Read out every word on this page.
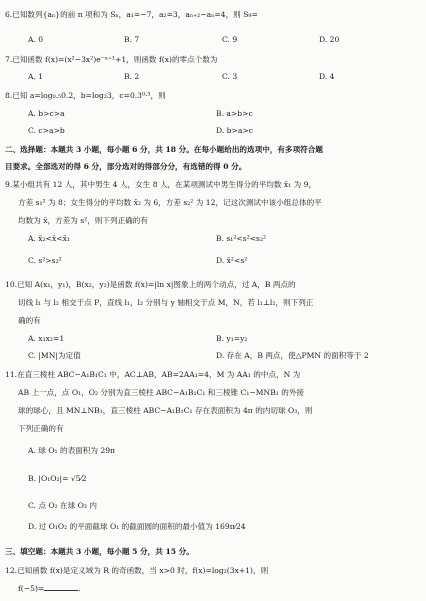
6.已知数列{aₙ}的前 n 项和为 Sₙ，a₁=−7，a₂=3，aₙ₊₂−aₙ=4，则 S₉=
A. 0	B. 7	C. 9	D. 20
7.已知函数 f(x)=(x²−3x²)e⁻ˣ⁺¹+1，则函数 f(x)的零点个数为
A. 1	B. 2	C. 3	D. 4
8.已知 a=log₀.₅0.2，b=log₂3，c=0.3⁰·³，则
A. b>c>a	B. a>b>c
C. c>a>b	D. b>a>c
二、选择题：本题共 3 小题，每小题 6 分，共 18 分。在每小题给出的选项中，有多项符合题
目要求。全部选对的得 6 分，部分选对的得部分分，有选错的得 0 分。
9.某小组共有 12 人，其中男生 4 人，女生 8 人，在某项测试中男生得分的平均数 x̄₁ 为 9，
方差 s₁² 为 8；女生得分的平均数 x̄₂ 为 6，方差 s₂² 为 12，记这次测试中该小组总体的平
均数为 x̄，方差为 s²，则下列正确的有
A. x̄₂<x̄<x̄₁	B. s₁²<s²<s₂²
C. s²>s₂²	D. x̄²<s²
10.已知 A(x₁，y₁)，B(x₂，y₂)是函数 f(x)=|ln x|图象上的两个动点，过 A，B 两点的
切线 l₁ 与 l₂ 相交于点 P，直线 l₁，l₂ 分别与 y 轴相交于点 M，N，若 l₁⊥l₂，则下列正
确的有
A. x₁x₂=1	B. y₁=y₂
C. |MN|为定值	D. 存在 A，B 两点，使△PMN 的面积等于 2
11.在直三棱柱 ABC−A₁B₁C₁ 中，AC⊥AB，AB=2AA₁=4，M 为 AA₁ 的中点，N 为
AB 上一点，点 O₁，O₂ 分别为直三棱柱 ABC−A₁B₁C₁ 和三棱锥 C₁−MNB₁ 的外接
球的球心，且 MN⊥NB₁，直三棱柱 ABC−A₁B₁C₁ 存在表面积为 4π 的内切球 O₃，则
下列正确的有
A. 球 O₁ 的表面积为 29π
B. |O₁O₂|= √5⁄2
C. 点 O₂ 在球 O₃ 内
D. 过 O₁O₂ 的平面截球 O₁ 的截面圆的面积的最小值为 169π⁄24
三、填空题：本题共 3 小题，每小题 5 分，共 15 分。
12.已知函数 f(x)是定义域为 R 的奇函数，当 x>0 时，f(x)=log₂(3x+1)，则
f(−5)=	.
